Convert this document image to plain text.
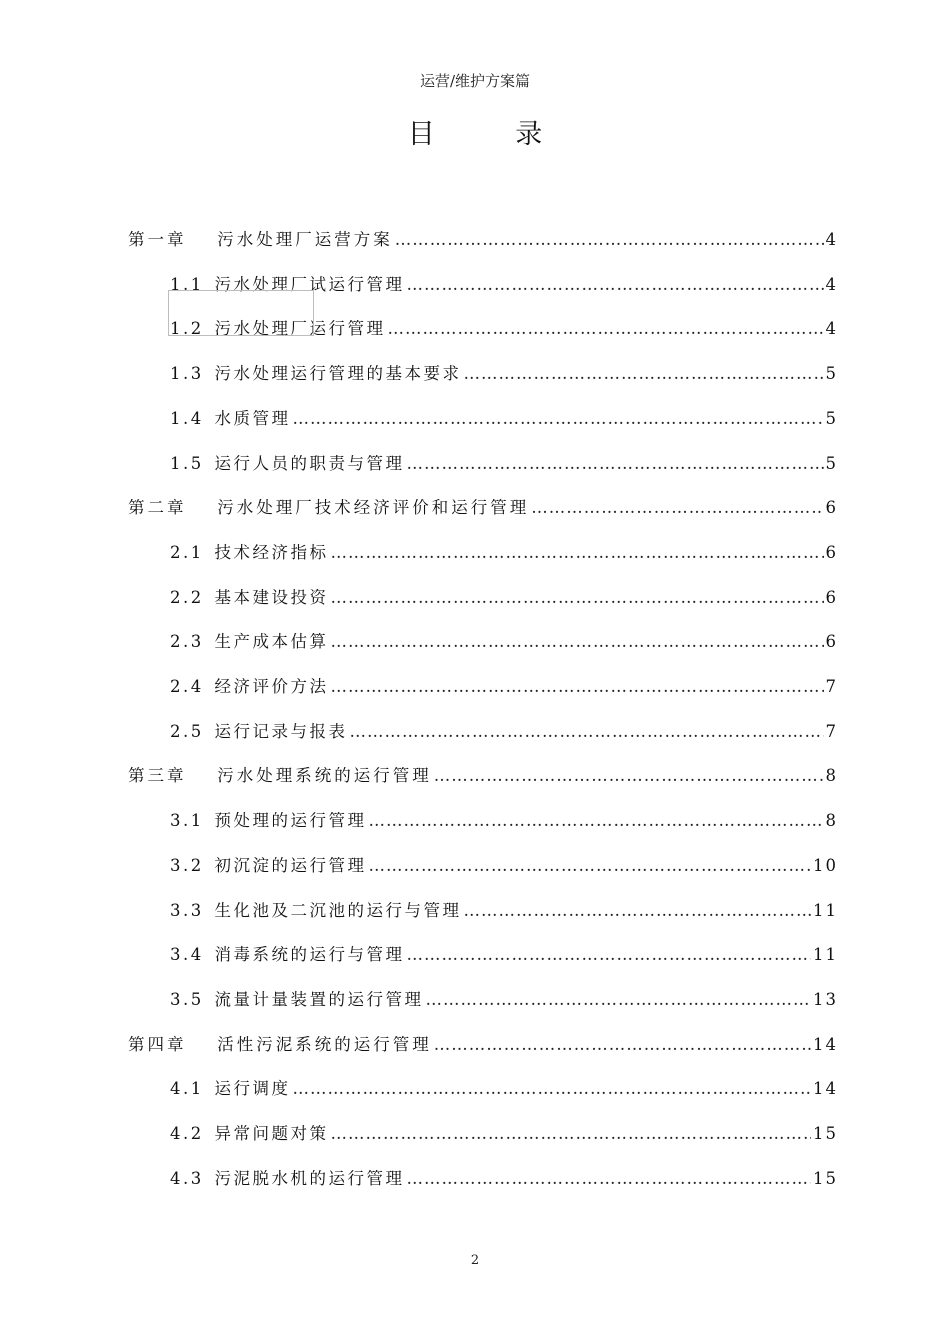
运营/维护方案篇
目 录
第一章  污水处理厂运营方案 …………………………………………………………………………………………………………………………	4
1.1 污水处理厂试运行管理 …………………………………………………………………………………………………………………………	4
1.2 污水处理厂运行管理 …………………………………………………………………………………………………………………………	4
1.3 污水处理运行管理的基本要求 …………………………………………………………………………………………………………………………	5
1.4 水质管理 …………………………………………………………………………………………………………………………	5
1.5 运行人员的职责与管理 …………………………………………………………………………………………………………………………	5
第二章  污水处理厂技术经济评价和运行管理 …………………………………………………………………………………………………………………………	6
2.1 技术经济指标 …………………………………………………………………………………………………………………………	6
2.2 基本建设投资 …………………………………………………………………………………………………………………………	6
2.3 生产成本估算 …………………………………………………………………………………………………………………………	6
2.4 经济评价方法 …………………………………………………………………………………………………………………………	7
2.5 运行记录与报表 …………………………………………………………………………………………………………………………	7
第三章  污水处理系统的运行管理 …………………………………………………………………………………………………………………………	8
3.1 预处理的运行管理 …………………………………………………………………………………………………………………………	8
3.2 初沉淀的运行管理 …………………………………………………………………………………………………………………………	10
3.3 生化池及二沉池的运行与管理 …………………………………………………………………………………………………………………………	11
3.4 消毒系统的运行与管理 …………………………………………………………………………………………………………………………	11
3.5 流量计量装置的运行管理 …………………………………………………………………………………………………………………………	13
第四章  活性污泥系统的运行管理 …………………………………………………………………………………………………………………………	14
4.1 运行调度 …………………………………………………………………………………………………………………………	14
4.2 异常问题对策 …………………………………………………………………………………………………………………………	15
4.3 污泥脱水机的运行管理 …………………………………………………………………………………………………………………………	15
2
